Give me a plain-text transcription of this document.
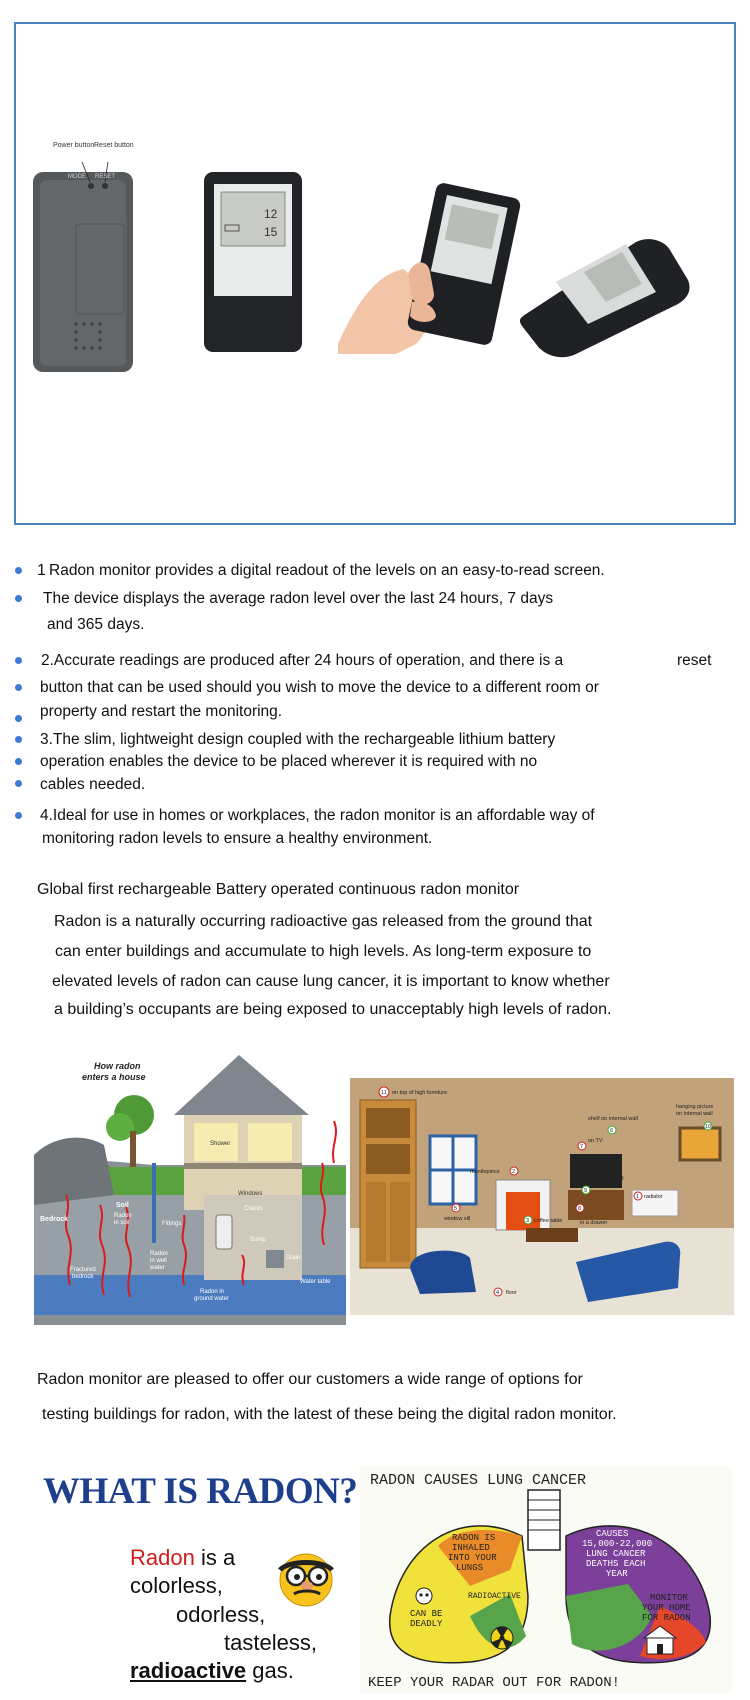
12
15
Power button Reset button
MODE RESET
1 Radon monitor provides a digital readout of the levels on an easy-to-read screen.
The device displays the average radon level over the last 24 hours, 7 days
and 365 days.
2.Accurate readings are produced after 24 hours of operation, and there is a	reset
button that can be used should you wish to move the device to a different room or
property and restart the monitoring.
3.The slim, lightweight design coupled with the rechargeable lithium battery
operation enables the device to be placed wherever it is required with no
cables needed.
4.Ideal for use in homes or workplaces, the radon monitor is an affordable way of
monitoring radon levels to ensure a healthy environment.
Global first rechargeable Battery operated continuous radon monitor
Radon is a naturally occurring radioactive gas released from the ground that
can enter buildings and accumulate to high levels. As long-term exposure to
elevated levels of radon can cause lung cancer, it is important to know whether
a building’s occupants are being exposed to unacceptably high levels of radon.
How radon
enters a house
Shower
Windows
Soil
Radon
in soil
Bedrock
Fittings
Cracks
Sump
Drain
Radon
in well
water
Fractured
bedrock
Radon in
ground water
Water table
11 on top of high furniture
shelf on internal wall
6
hanging picture
on internal wall
10
7
on TV
mantlepiece 2
on TV stand
9
1 radiator
5
window sill
8
3 coffee table	in a drawer
4 floor
Radon monitor are pleased to offer our customers a wide range of options for
testing buildings for radon, with the latest of these being the digital radon monitor.
WHAT IS RADON?
Radon is a
colorless,
odorless,
tasteless,
radioactive gas.
RADON CAUSES LUNG CANCER
RADON IS
INHALED
INTO YOUR
LUNGS
CAUSES
15,000-22,000
LUNG CANCER
DEATHS EACH
YEAR
RADIOACTIVE
CAN BE
DEADLY
MONITOR
YOUR HOME
FOR RADON
KEEP YOUR RADAR OUT FOR RADON!
